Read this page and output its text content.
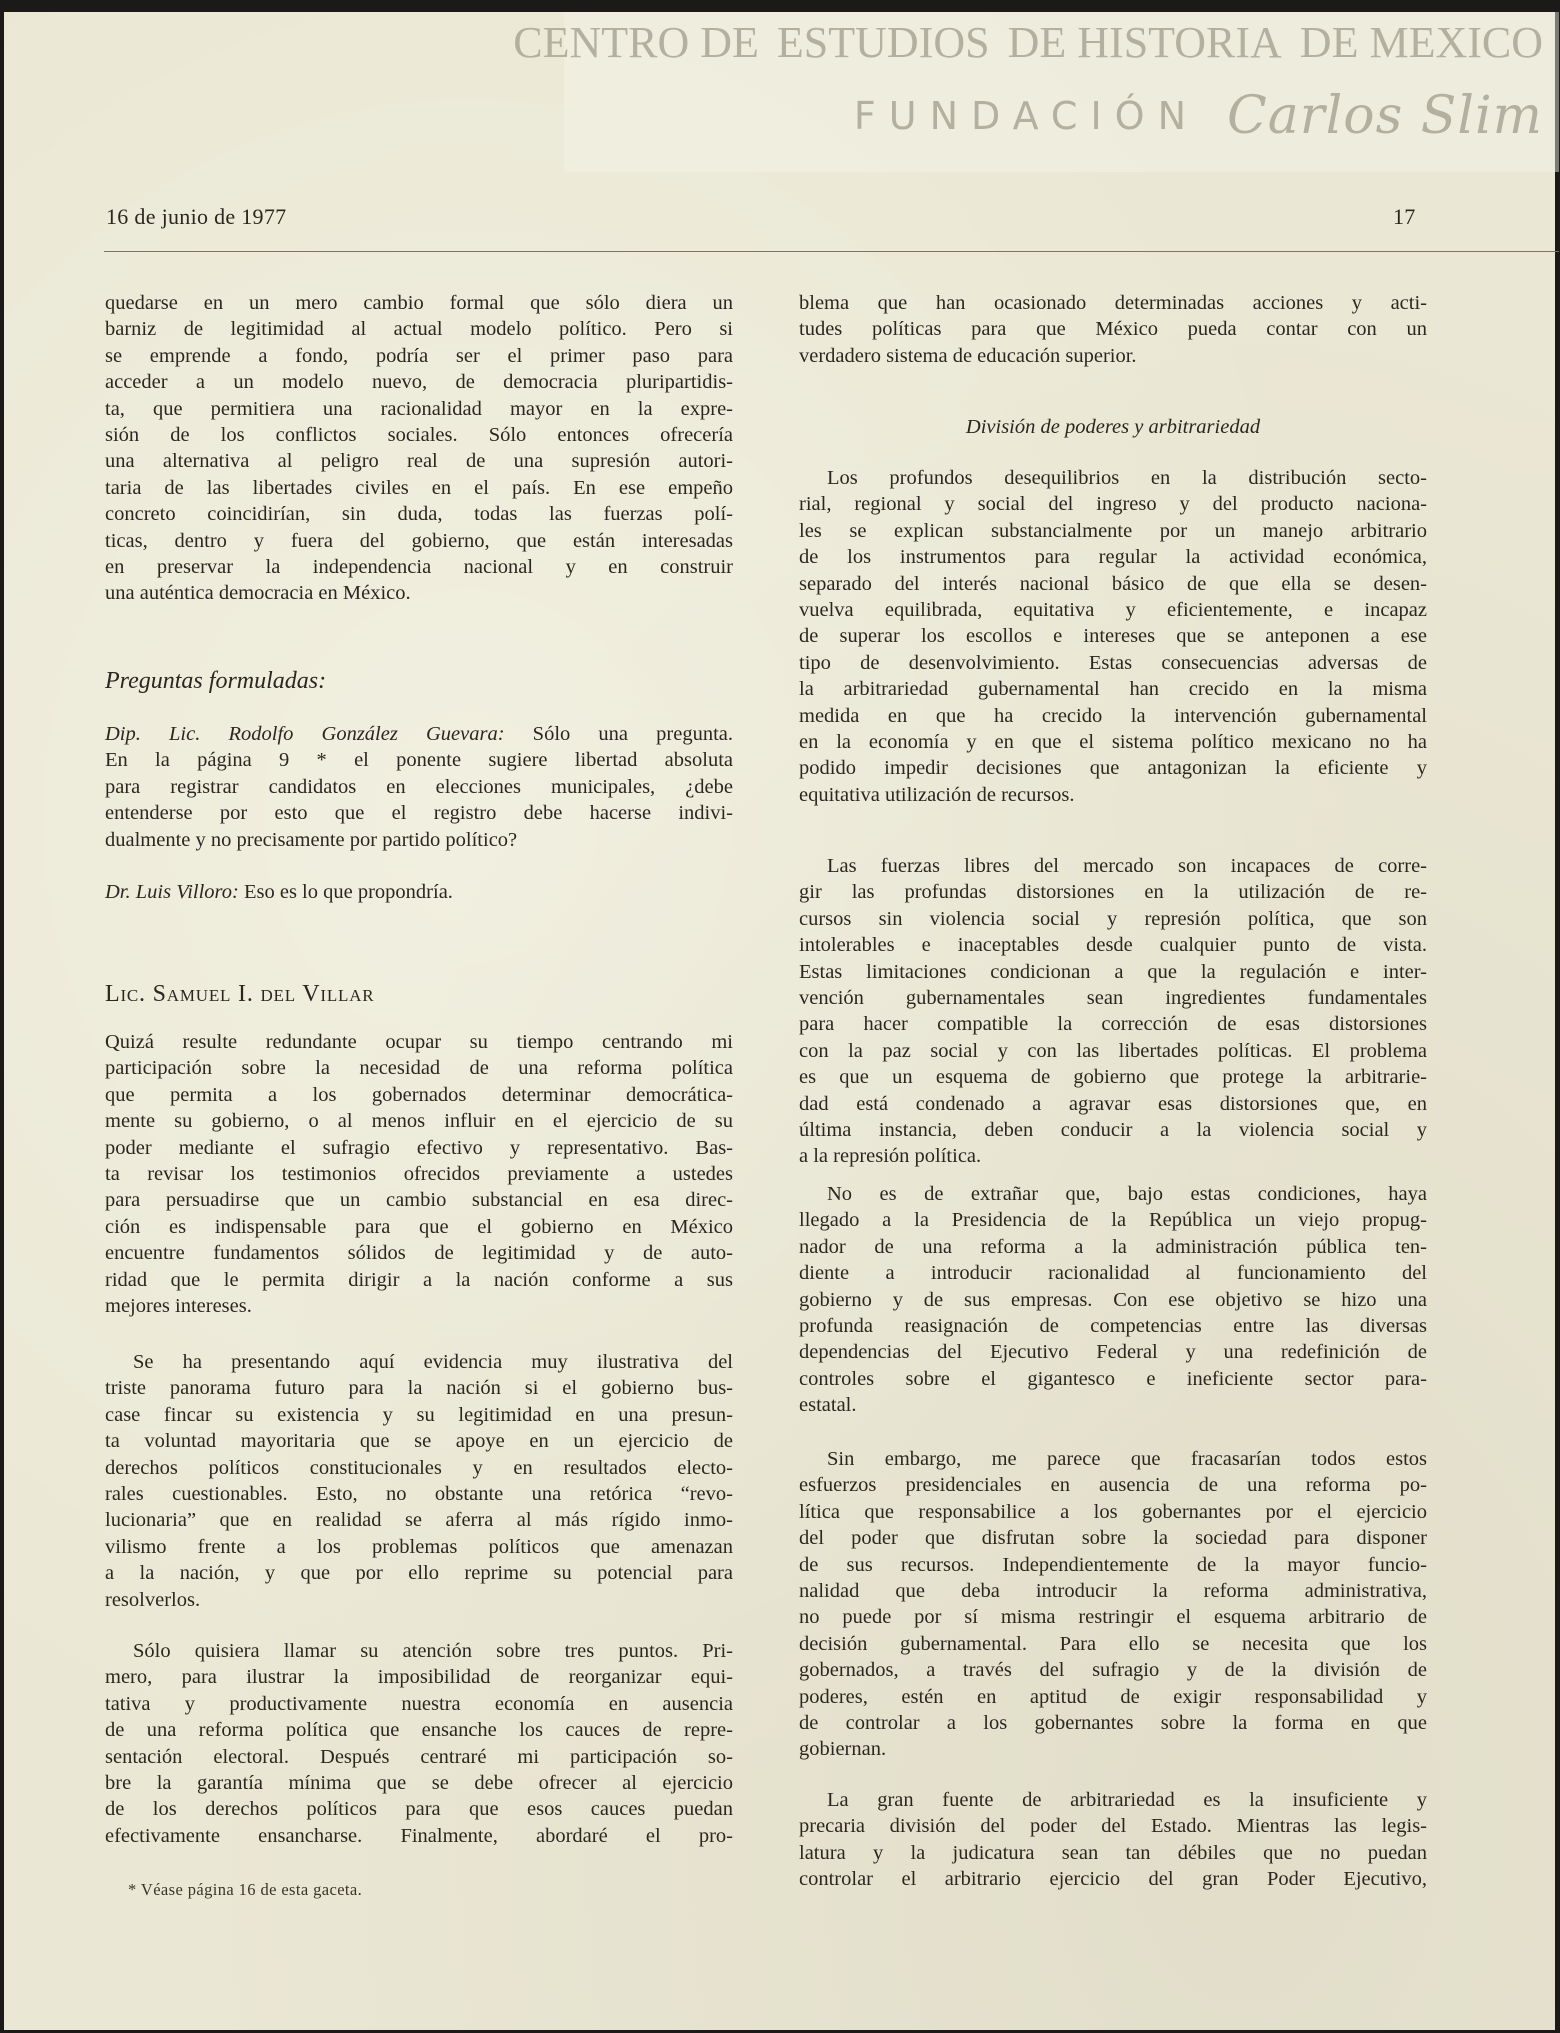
CENTRO DE ESTUDIOS DE HISTORIA DE MEXICO
FUNDACIÓN Carlos Slim
16 de junio de 1977	17
quedarse en un mero cambio formal que sólo diera un
barniz de legitimidad al actual modelo político. Pero si
se emprende a fondo, podría ser el primer paso para
acceder a un modelo nuevo, de democracia pluripartidis-
ta, que permitiera una racionalidad mayor en la expre-
sión de los conflictos sociales. Sólo entonces ofrecería
una alternativa al peligro real de una supresión autori-
taria de las libertades civiles en el país. En ese empeño
concreto coincidirían, sin duda, todas las fuerzas polí-
ticas, dentro y fuera del gobierno, que están interesadas
en preservar la independencia nacional y en construir
una auténtica democracia en México.
Preguntas formuladas:
Dip. Lic. Rodolfo González Guevara: Sólo una pregunta.
En la página 9 * el ponente sugiere libertad absoluta
para registrar candidatos en elecciones municipales, ¿debe
entenderse por esto que el registro debe hacerse indivi-
dualmente y no precisamente por partido político?
Dr. Luis Villoro: Eso es lo que propondría.
Lic. Samuel I. del Villar
Quizá resulte redundante ocupar su tiempo centrando mi
participación sobre la necesidad de una reforma política
que permita a los gobernados determinar democrática-
mente su gobierno, o al menos influir en el ejercicio de su
poder mediante el sufragio efectivo y representativo. Bas-
ta revisar los testimonios ofrecidos previamente a ustedes
para persuadirse que un cambio substancial en esa direc-
ción es indispensable para que el gobierno en México
encuentre fundamentos sólidos de legitimidad y de auto-
ridad que le permita dirigir a la nación conforme a sus
mejores intereses.
Se ha presentando aquí evidencia muy ilustrativa del
triste panorama futuro para la nación si el gobierno bus-
case fincar su existencia y su legitimidad en una presun-
ta voluntad mayoritaria que se apoye en un ejercicio de
derechos políticos constitucionales y en resultados electo-
rales cuestionables. Esto, no obstante una retórica “revo-
lucionaria” que en realidad se aferra al más rígido inmo-
vilismo frente a los problemas políticos que amenazan
a la nación, y que por ello reprime su potencial para
resolverlos.
Sólo quisiera llamar su atención sobre tres puntos. Pri-
mero, para ilustrar la imposibilidad de reorganizar equi-
tativa y productivamente nuestra economía en ausencia
de una reforma política que ensanche los cauces de repre-
sentación electoral. Después centraré mi participación so-
bre la garantía mínima que se debe ofrecer al ejercicio
de los derechos políticos para que esos cauces puedan
efectivamente ensancharse. Finalmente, abordaré el pro-
* Véase página 16 de esta gaceta.
blema que han ocasionado determinadas acciones y acti-
tudes políticas para que México pueda contar con un
verdadero sistema de educación superior.
División de poderes y arbitrariedad
Los profundos desequilibrios en la distribución secto-
rial, regional y social del ingreso y del producto naciona-
les se explican substancialmente por un manejo arbitrario
de los instrumentos para regular la actividad económica,
separado del interés nacional básico de que ella se desen-
vuelva equilibrada, equitativa y eficientemente, e incapaz
de superar los escollos e intereses que se anteponen a ese
tipo de desenvolvimiento. Estas consecuencias adversas de
la arbitrariedad gubernamental han crecido en la misma
medida en que ha crecido la intervención gubernamental
en la economía y en que el sistema político mexicano no ha
podido impedir decisiones que antagonizan la eficiente y
equitativa utilización de recursos.
Las fuerzas libres del mercado son incapaces de corre-
gir las profundas distorsiones en la utilización de re-
cursos sin violencia social y represión política, que son
intolerables e inaceptables desde cualquier punto de vista.
Estas limitaciones condicionan a que la regulación e inter-
vención gubernamentales sean ingredientes fundamentales
para hacer compatible la corrección de esas distorsiones
con la paz social y con las libertades políticas. El problema
es que un esquema de gobierno que protege la arbitrarie-
dad está condenado a agravar esas distorsiones que, en
última instancia, deben conducir a la violencia social y
a la represión política.
No es de extrañar que, bajo estas condiciones, haya
llegado a la Presidencia de la República un viejo propug-
nador de una reforma a la administración pública ten-
diente a introducir racionalidad al funcionamiento del
gobierno y de sus empresas. Con ese objetivo se hizo una
profunda reasignación de competencias entre las diversas
dependencias del Ejecutivo Federal y una redefinición de
controles sobre el gigantesco e ineficiente sector para-
estatal.
Sin embargo, me parece que fracasarían todos estos
esfuerzos presidenciales en ausencia de una reforma po-
lítica que responsabilice a los gobernantes por el ejercicio
del poder que disfrutan sobre la sociedad para disponer
de sus recursos. Independientemente de la mayor funcio-
nalidad que deba introducir la reforma administrativa,
no puede por sí misma restringir el esquema arbitrario de
decisión gubernamental. Para ello se necesita que los
gobernados, a través del sufragio y de la división de
poderes, estén en aptitud de exigir responsabilidad y
de controlar a los gobernantes sobre la forma en que
gobiernan.
La gran fuente de arbitrariedad es la insuficiente y
precaria división del poder del Estado. Mientras las legis-
latura y la judicatura sean tan débiles que no puedan
controlar el arbitrario ejercicio del gran Poder Ejecutivo,
